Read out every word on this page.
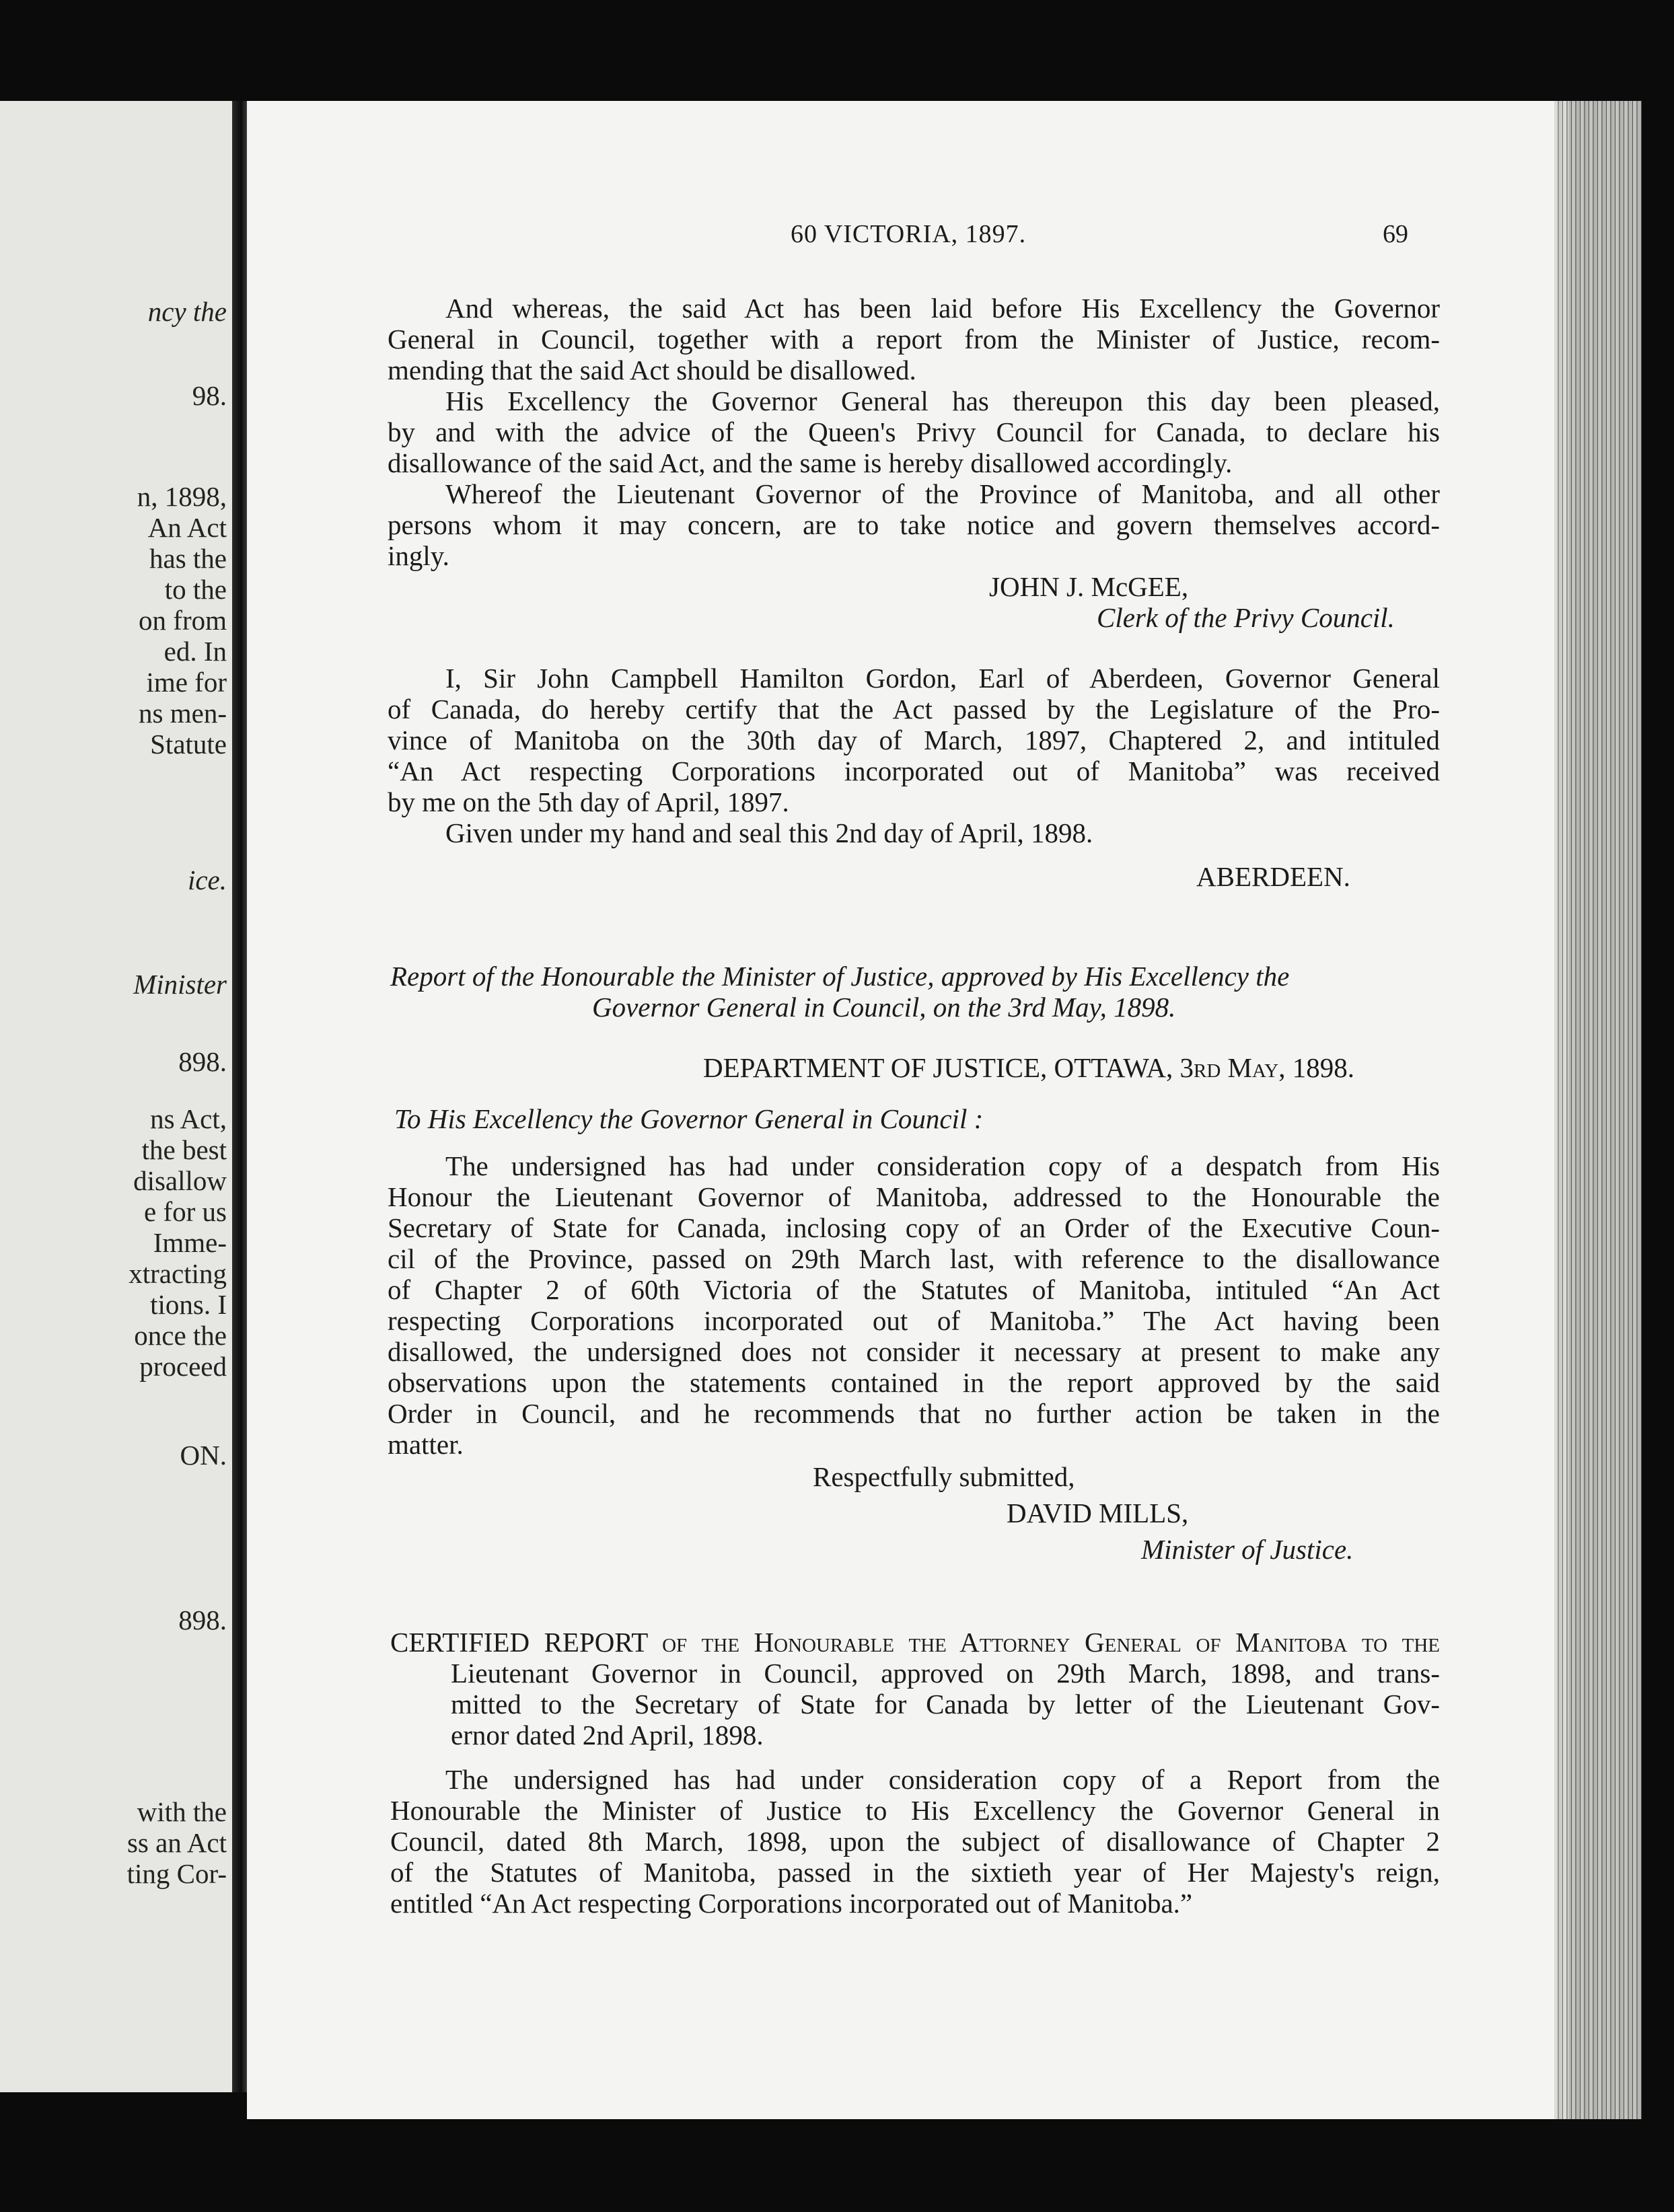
ncy the
98.
n, 1898,
An Act
has the
to the
on from
ed. In
ime for
ns men-
Statute
ice.
Minister
898.
ns Act,
the best
disallow
e for us
Imme-
xtracting
tions. I
once the
proceed
ON.
898.
with the
ss an Act
ting Cor-
60 VICTORIA, 1897.	69
And whereas, the said Act has been laid before His Excellency the Governor
General in Council, together with a report from the Minister of Justice, recom-
mending that the said Act should be disallowed.
His Excellency the Governor General has thereupon this day been pleased,
by and with the advice of the Queen's Privy Council for Canada, to declare his
disallowance of the said Act, and the same is hereby disallowed accordingly.
Whereof the Lieutenant Governor of the Province of Manitoba, and all other
persons whom it may concern, are to take notice and govern themselves accord-
ingly.
JOHN J. McGEE,
Clerk of the Privy Council.
I, Sir John Campbell Hamilton Gordon, Earl of Aberdeen, Governor General
of Canada, do hereby certify that the Act passed by the Legislature of the Pro-
vince of Manitoba on the 30th day of March, 1897, Chaptered 2, and intituled
“An Act respecting Corporations incorporated out of Manitoba” was received
by me on the 5th day of April, 1897.
Given under my hand and seal this 2nd day of April, 1898.
ABERDEEN.
Report of the Honourable the Minister of Justice, approved by His Excellency the
Governor General in Council, on the 3rd May, 1898.
DEPARTMENT OF JUSTICE, OTTAWA, 3rd May, 1898.
To His Excellency the Governor General in Council :
The undersigned has had under consideration copy of a despatch from His
Honour the Lieutenant Governor of Manitoba, addressed to the Honourable the
Secretary of State for Canada, inclosing copy of an Order of the Executive Coun-
cil of the Province, passed on 29th March last, with reference to the disallowance
of Chapter 2 of 60th Victoria of the Statutes of Manitoba, intituled “An Act
respecting Corporations incorporated out of Manitoba.” The Act having been
disallowed, the undersigned does not consider it necessary at present to make any
observations upon the statements contained in the report approved by the said
Order in Council, and he recommends that no further action be taken in the
matter.
Respectfully submitted,
DAVID MILLS,
Minister of Justice.
CERTIFIED REPORT of the Honourable the Attorney General of Manitoba to the
Lieutenant Governor in Council, approved on 29th March, 1898, and trans-
mitted to the Secretary of State for Canada by letter of the Lieutenant Gov-
ernor dated 2nd April, 1898.
The undersigned has had under consideration copy of a Report from the
Honourable the Minister of Justice to His Excellency the Governor General in
Council, dated 8th March, 1898, upon the subject of disallowance of Chapter 2
of the Statutes of Manitoba, passed in the sixtieth year of Her Majesty's reign,
entitled “An Act respecting Corporations incorporated out of Manitoba.”
